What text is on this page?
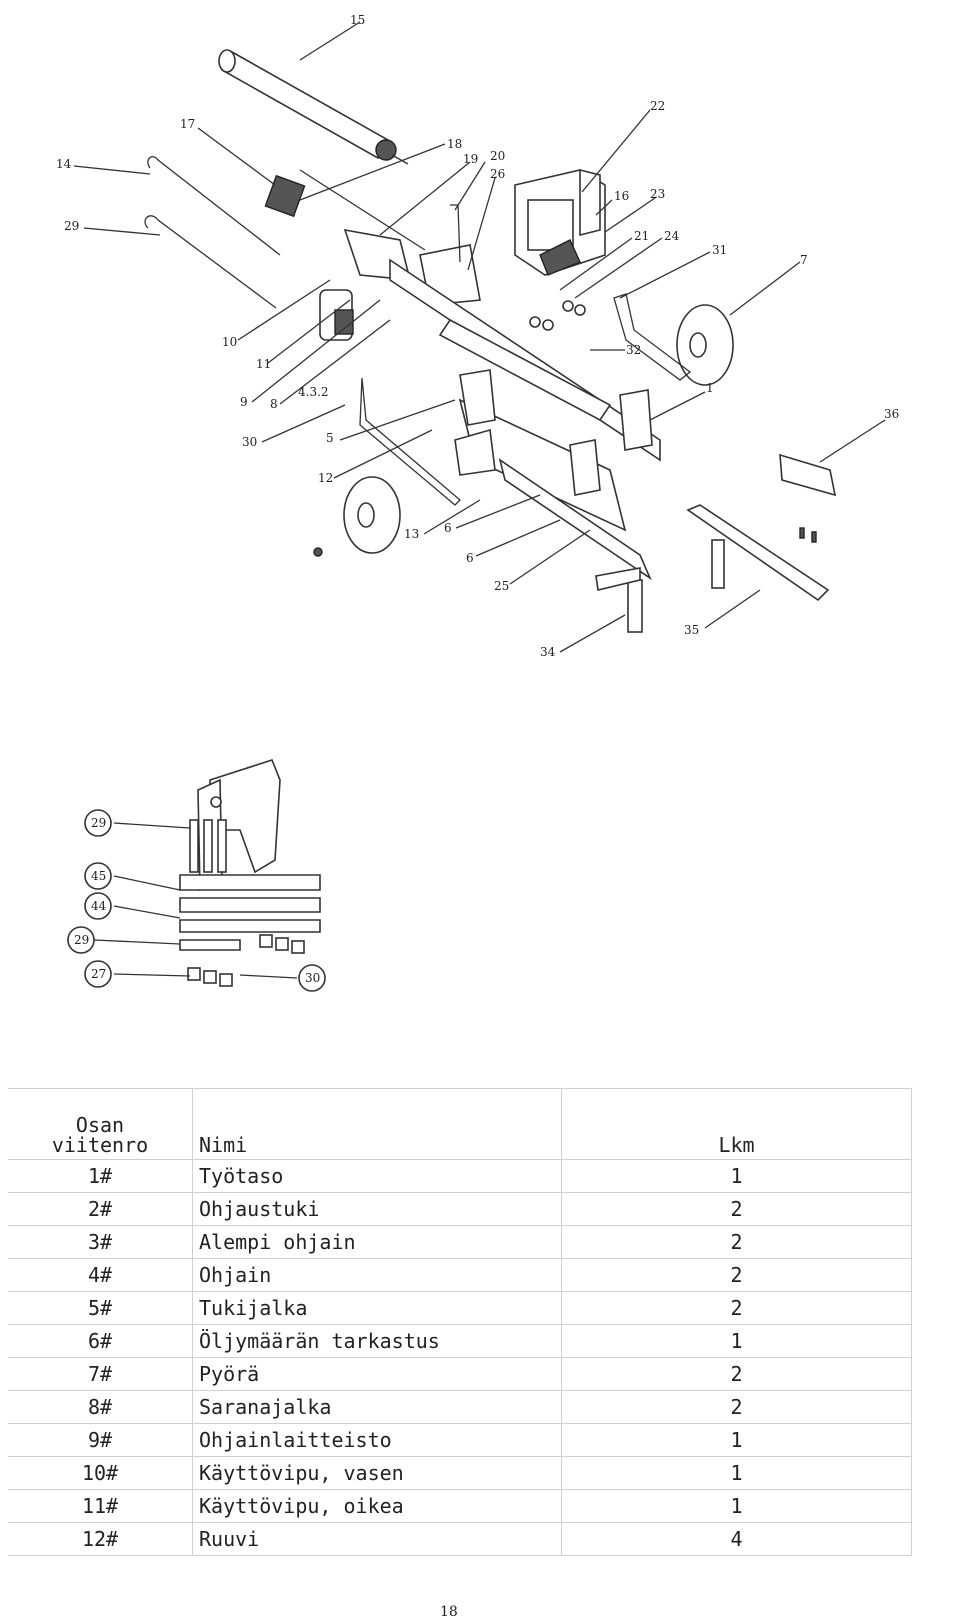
15
17
18
19 20
26
22
14
16 23
29
21 24
31
7
10
11
32
9 8
4.3.2	1
36
30	5
12
13 6
6
25
35
34
29
45
44
29
27	30
Osan
viitenro	Nimi	Lkm
1#	Työtaso	1
2#	Ohjaustuki	2
3#	Alempi ohjain	2
4#	Ohjain	2
5#	Tukijalka	2
6#	Öljymäärän tarkastus	1
7#	Pyörä	2
8#	Saranajalka	2
9#	Ohjainlaitteisto	1
10#	Käyttövipu, vasen	1
11#	Käyttövipu, oikea	1
12#	Ruuvi	4
18
